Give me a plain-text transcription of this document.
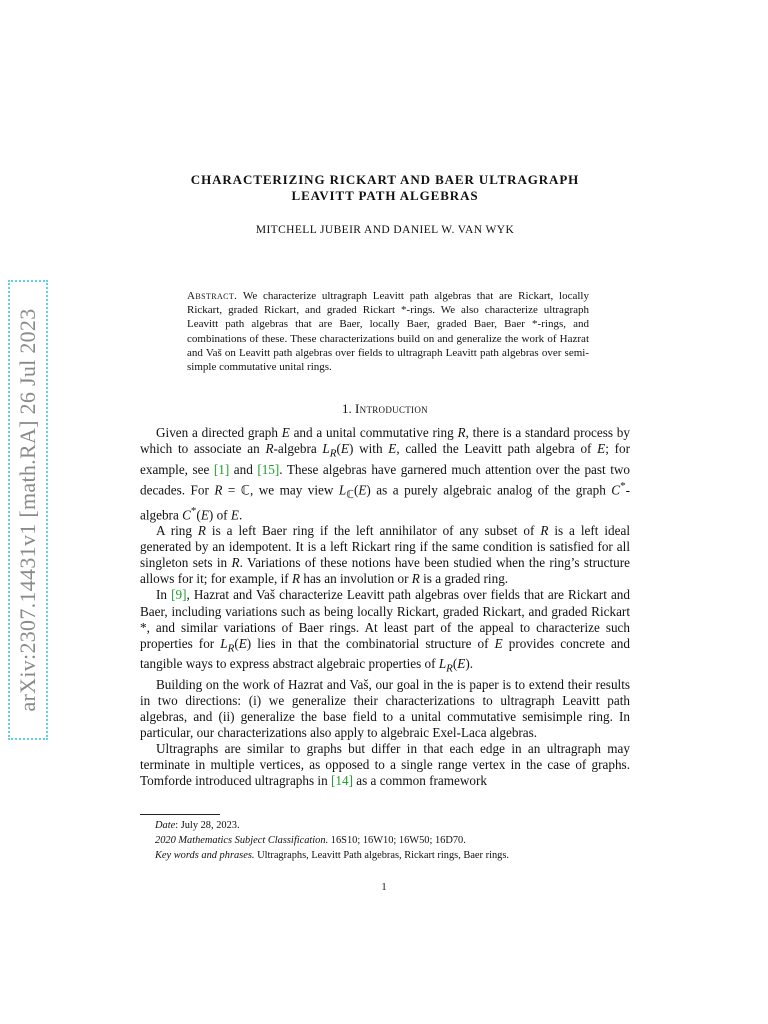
arXiv:2307.14431v1 [math.RA] 26 Jul 2023
CHARACTERIZING RICKART AND BAER ULTRAGRAPH
LEAVITT PATH ALGEBRAS
MITCHELL JUBEIR AND DANIEL W. VAN WYK
Abstract. We characterize ultragraph Leavitt path algebras that are Rickart, locally Rickart, graded Rickart, and graded Rickart *-rings. We also characterize ultragraph Leavitt path algebras that are Baer, locally Baer, graded Baer, Baer *-rings, and combinations of these. These characterizations build on and generalize the work of Hazrat and Vaš on Leavitt path algebras over fields to ultragraph Leavitt path algebras over semi-simple commutative unital rings.
1. Introduction

Given a directed graph E and a unital commutative ring R, there is a standard process by which to associate an R-algebra $L_R(E)$ with E, called the Leavitt path algebra of E; for example, see [1] and [15]. These algebras have garnered much attention over the past two decades. For R = ℂ, we may view $L_ℂ(E)$ as a purely algebraic analog of the graph C*-algebra C*(E) of E.

A ring R is a left Baer ring if the left annihilator of any subset of R is a left ideal generated by an idempotent. It is a left Rickart ring if the same condition is satisfied for all singleton sets in R. Variations of these notions have been studied when the ring’s structure allows for it; for example, if R has an involution or R is a graded ring.

In [9], Hazrat and Vaš characterize Leavitt path algebras over fields that are Rickart and Baer, including variations such as being locally Rickart, graded Rickart, and graded Rickart *, and similar variations of Baer rings. At least part of the appeal to characterize such properties for $L_R(E)$ lies in that the combinatorial structure of E provides concrete and tangible ways to express abstract algebraic properties of $L_R(E)$.

Building on the work of Hazrat and Vaš, our goal in the is paper is to extend their results in two directions: (i) we generalize their characterizations to ultragraph Leavitt path algebras, and (ii) generalize the base field to a unital commutative semisimple ring. In particular, our characterizations also apply to algebraic Exel-Laca algebras.

Ultragraphs are similar to graphs but differ in that each edge in an ultragraph may terminate in multiple vertices, as opposed to a single range vertex in the case of graphs. Tomforde introduced ultragraphs in [14] as a common framework

Date: July 28, 2023.
2020 Mathematics Subject Classification. 16S10; 16W10; 16W50; 16D70.
Key words and phrases. Ultragraphs, Leavitt Path algebras, Rickart rings, Baer rings.
1
